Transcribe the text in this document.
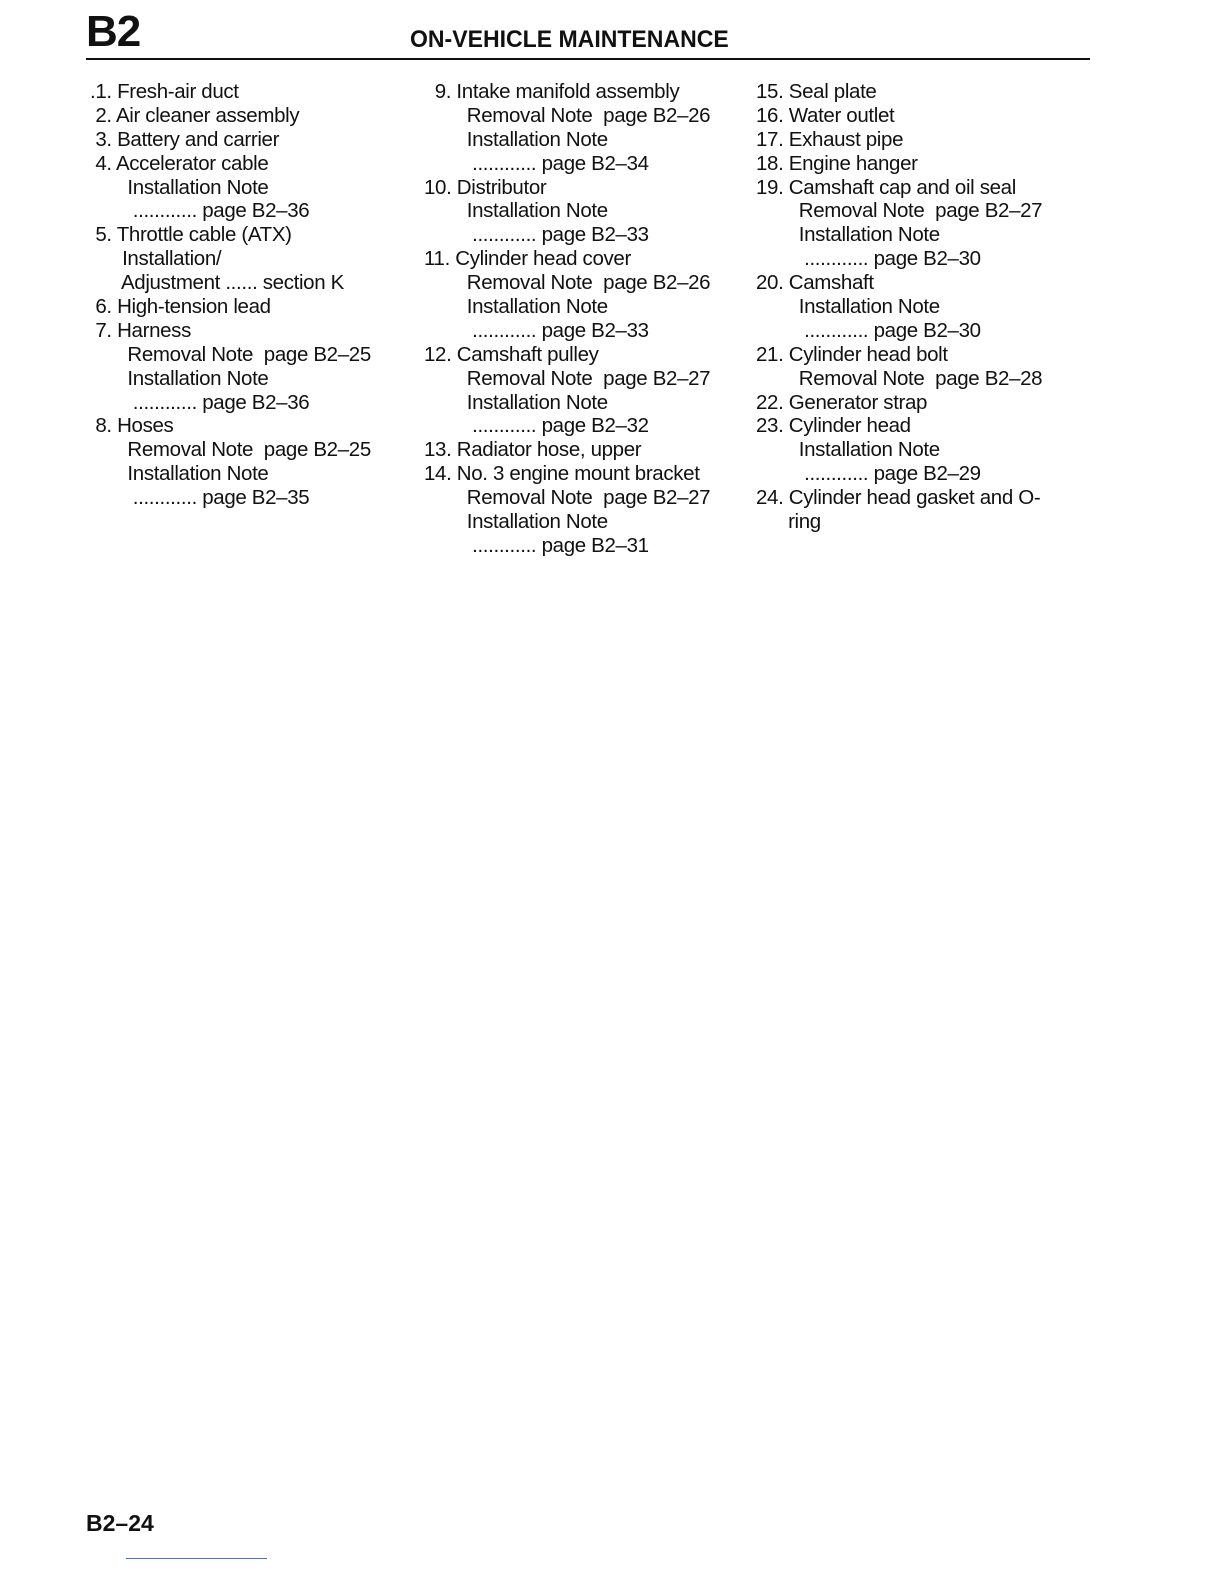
B2	ON-VEHICLE MAINTENANCE
.1. Fresh-air duct
2. Air cleaner assembly
3. Battery and carrier
4. Accelerator cable
Installation Note
............ page B2–36
5. Throttle cable (ATX)
Installation/
Adjustment ...... section K
6. High-tension lead
7. Harness
Removal Note  page B2–25
Installation Note
............ page B2–36
8. Hoses
Removal Note  page B2–25
Installation Note
............ page B2–35
9. Intake manifold assembly
Removal Note  page B2–26
Installation Note
............ page B2–34
10. Distributor
Installation Note
............ page B2–33
11. Cylinder head cover
Removal Note  page B2–26
Installation Note
............ page B2–33
12. Camshaft pulley
Removal Note  page B2–27
Installation Note
............ page B2–32
13. Radiator hose, upper
14. No. 3 engine mount bracket
Removal Note  page B2–27
Installation Note
............ page B2–31
15. Seal plate
16. Water outlet
17. Exhaust pipe
18. Engine hanger
19. Camshaft cap and oil seal
Removal Note  page B2–27
Installation Note
............ page B2–30
20. Camshaft
Installation Note
............ page B2–30
21. Cylinder head bolt
Removal Note  page B2–28
22. Generator strap
23. Cylinder head
Installation Note
............ page B2–29
24. Cylinder head gasket and O-
ring
B2–24
